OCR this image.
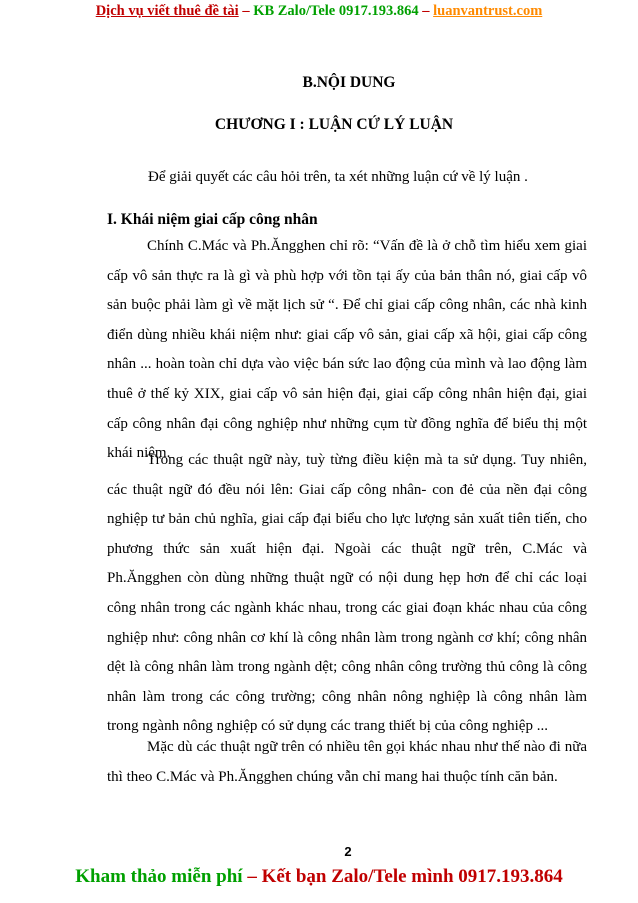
Dịch vụ viết thuê đề tài – KB Zalo/Tele 0917.193.864 – luanvantrust.com
B.NỘI DUNG
CHƯƠNG I : LUẬN CỨ LÝ LUẬN
Để giải quyết các câu hỏi trên, ta xét những luận cứ về lý luận .
I. Khái niệm giai cấp công nhân

Chính C.Mác và Ph.Ăngghen chỉ rõ: “Vấn đề là ở chỗ tìm hiểu xem giai cấp vô sản thực ra là gì và phù hợp với tồn tại ấy của bản thân nó, giai cấp vô sản buộc phải làm gì về mặt lịch sử “. Để chỉ giai cấp công nhân, các nhà kinh điển dùng nhiều khái niệm như: giai cấp vô sản, giai cấp xã hội, giai cấp công nhân ... hoàn toàn chỉ dựa vào việc bán sức lao động của mình và lao động làm thuê ở thế kỷ XIX, giai cấp vô sản hiện đại, giai cấp công nhân hiện đại, giai cấp công nhân đại công nghiệp như những cụm từ đồng nghĩa để biểu thị một khái niệm.

Trong các thuật ngữ này, tuỳ từng điều kiện mà ta sử dụng. Tuy nhiên, các thuật ngữ đó đều nói lên: Giai cấp công nhân- con đẻ của nền đại công nghiệp tư bản chủ nghĩa, giai cấp đại biểu cho lực lượng sản xuất tiên tiến, cho phương thức sản xuất hiện đại. Ngoài các thuật ngữ trên, C.Mác và Ph.Ăngghen còn dùng những thuật ngữ có nội dung hẹp hơn để chỉ các loại công nhân trong các ngành khác nhau, trong các giai đoạn khác nhau của công nghiệp như: công nhân cơ khí là công nhân làm trong ngành cơ khí; công nhân dệt là công nhân làm trong ngành dệt; công nhân công trường thủ công là công nhân làm trong các công trường; công nhân nông nghiệp là công nhân làm trong ngành nông nghiệp có sử dụng các trang thiết bị của công nghiệp ...

Mặc dù các thuật ngữ trên có nhiều tên gọi khác nhau như thế nào đi nữa thì theo C.Mác và Ph.Ăngghen chúng vẫn chỉ mang hai thuộc tính căn bản.

2
Kham thảo miễn phí – Kết bạn Zalo/Tele mình 0917.193.864
